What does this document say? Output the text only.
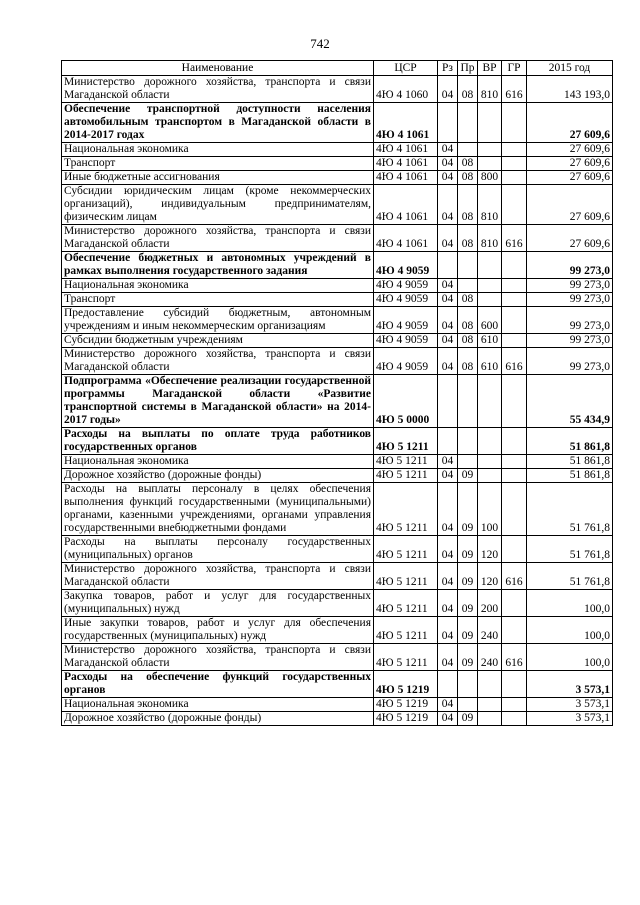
742
Наименование	ЦСР	Рз	Пр	ВР	ГР	2015 год
Министерство дорожного хозяйства, транспорта и связи Магаданской области	4Ю 4 1060	04	08	810	616	143 193,0
Обеспечение транспортной доступности населения автомобильным транспортом в Магаданской области в 2014-2017 годах	4Ю 4 1061					27 609,6
Национальная экономика	4Ю 4 1061	04				27 609,6
Транспорт	4Ю 4 1061	04	08			27 609,6
Иные бюджетные ассигнования	4Ю 4 1061	04	08	800		27 609,6
Субсидии юридическим лицам (кроме некоммерческих организаций), индивидуальным предпринимателям, физическим лицам	4Ю 4 1061	04	08	810		27 609,6
Министерство дорожного хозяйства, транспорта и связи Магаданской области	4Ю 4 1061	04	08	810	616	27 609,6
Обеспечение бюджетных и автономных учреждений в рамках выполнения государственного задания	4Ю 4 9059					99 273,0
Национальная экономика	4Ю 4 9059	04				99 273,0
Транспорт	4Ю 4 9059	04	08			99 273,0
Предоставление субсидий бюджетным, автономным учреждениям и иным некоммерческим организациям	4Ю 4 9059	04	08	600		99 273,0
Субсидии бюджетным учреждениям	4Ю 4 9059	04	08	610		99 273,0
Министерство дорожного хозяйства, транспорта и связи Магаданской области	4Ю 4 9059	04	08	610	616	99 273,0
Подпрограмма «Обеспечение реализации государственной программы Магаданской области «Развитие транспортной системы в Магаданской области» на 2014-2017 годы»	4Ю 5 0000					55 434,9
Расходы на выплаты по оплате труда работников государственных органов	4Ю 5 1211					51 861,8
Национальная экономика	4Ю 5 1211	04				51 861,8
Дорожное хозяйство (дорожные фонды)	4Ю 5 1211	04	09			51 861,8
Расходы на выплаты персоналу в целях обеспечения выполнения функций государственными (муниципальными) органами, казенными учреждениями, органами управления государственными внебюджетными фондами	4Ю 5 1211	04	09	100		51 761,8
Расходы на выплаты персоналу государственных (муниципальных) органов	4Ю 5 1211	04	09	120		51 761,8
Министерство дорожного хозяйства, транспорта и связи Магаданской области	4Ю 5 1211	04	09	120	616	51 761,8
Закупка товаров, работ и услуг для государственных (муниципальных) нужд	4Ю 5 1211	04	09	200		100,0
Иные закупки товаров, работ и услуг для обеспечения государственных (муниципальных) нужд	4Ю 5 1211	04	09	240		100,0
Министерство дорожного хозяйства, транспорта и связи Магаданской области	4Ю 5 1211	04	09	240	616	100,0
Расходы на обеспечение функций государственных органов	4Ю 5 1219					3 573,1
Национальная экономика	4Ю 5 1219	04				3 573,1
Дорожное хозяйство (дорожные фонды)	4Ю 5 1219	04	09			3 573,1
